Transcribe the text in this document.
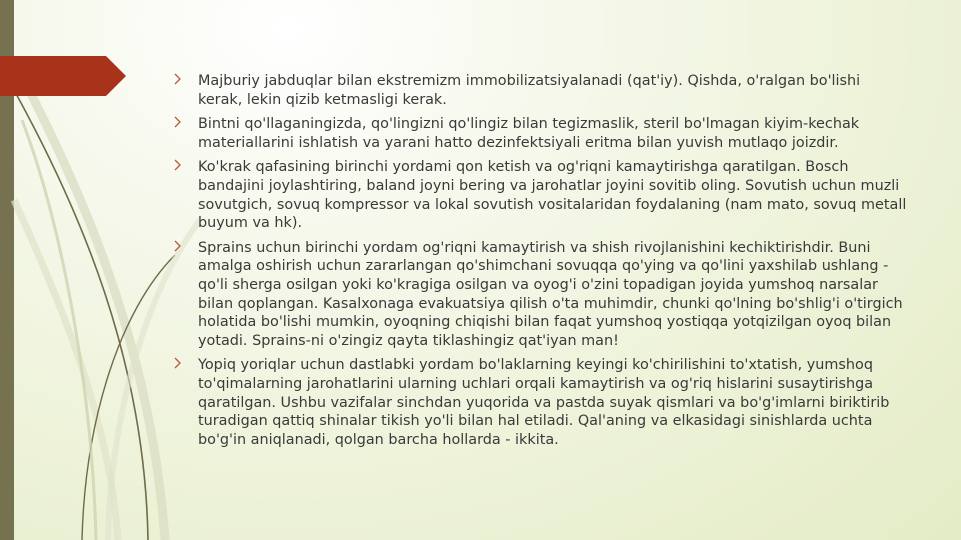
Majburiy jabduqlar bilan ekstremizm immobilizatsiyalanadi (qat'iy). Qishda, o'ralgan bo'lishi kerak, lekin qizib ketmasligi kerak.
Bintni qo'llaganingizda, qo'lingizni qo'lingiz bilan tegizmaslik, steril bo'lmagan kiyim-kechak materiallarini ishlatish va yarani hatto dezinfektsiyali eritma bilan yuvish mutlaqo joizdir.
Ko'krak qafasining birinchi yordami qon ketish va og'riqni kamaytirishga qaratilgan. Bosch bandajini joylashtiring, baland joyni bering va jarohatlar joyini sovitib oling. Sovutish uchun muzli sovutgich, sovuq kompressor va lokal sovutish vositalaridan foydalaning (nam mato, sovuq metall buyum va hk).
Sprains uchun birinchi yordam og'riqni kamaytirish va shish rivojlanishini kechiktirishdir. Buni amalga oshirish uchun zararlangan qo'shimchani sovuqqa qo'ying va qo'lini yaxshilab ushlang - qo'li sherga osilgan yoki ko'kragiga osilgan va oyog'i o'zini topadigan joyida yumshoq narsalar bilan qoplangan. Kasalxonaga evakuatsiya qilish o'ta muhimdir, chunki qo'lning bo'shlig'i o'tirgich holatida bo'lishi mumkin, oyoqning chiqishi bilan faqat yumshoq yostiqqa yotqizilgan oyoq bilan yotadi. Sprains-ni o'zingiz qayta tiklashingiz qat'iyan man!
Yopiq yoriqlar uchun dastlabki yordam bo'laklarning keyingi ko'chirilishini to'xtatish, yumshoq to'qimalarning jarohatlarini ularning uchlari orqali kamaytirish va og'riq hislarini susaytirishga qaratilgan. Ushbu vazifalar sinchdan yuqorida va pastda suyak qismlari va bo'g'imlarni biriktirib turadigan qattiq shinalar tikish yo'li bilan hal etiladi. Qal'aning va elkasidagi sinishlarda uchta bo'g'in aniqlanadi, qolgan barcha hollarda - ikkita.
